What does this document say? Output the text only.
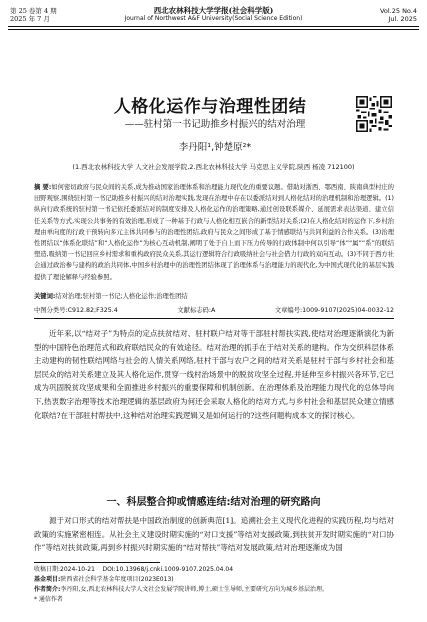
第 25 卷第 4 期
2025 年 7 月
西北农林科技大学学报(社会科学版)
Journal of Northwest A&F University(Social Science Edition)
Vol.25 No.4
Jul. 2025
人格化运作与治理性团结
——驻村第一书记助推乡村振兴的结对治理
李丹阳¹,钟楚原²*
(1.西北农林科技大学 人文社会发展学院,2.西北农林科技大学 马克思主义学院,陕西 杨凌 712100)
摘 要:如何密切政府与民众间的关系,成为推动国家治理体系和治理能力现代化的重要议题。借助对浙西、鄂西南、陕南典型村庄的田野观察,围绕驻村第一书记助推乡村振兴的结对治理实践,发现在治理中存在以委派结对到人格化结对的治理机制和治理逻辑。(1)纵向行政系统的驻村第一书记依托委派结对的制度安排及人格化运作的治理策略,通过创设联系媒介、延展需求表达渠道、建立信任关系等方式,实现公共事务的有效治理,形成了一种基于行政与人格化相互嵌合的新型结对关系;(2)在人格化结对的运作下,乡村治理由单向度的行政干预转向多元主体共同参与的治理性团结,政府与民众之间形成了基于情感联结与共同利益的合作关系。(3)治理性团结以“体系化联结”和“人格化运作”为核心互动机制,阐明了处于自上而下压力传导的行政体制中何以引导“体”“属”“系”的联结塑造,吸纳第一书记回应乡村需求和重构政府民众关系,其运行逻辑符合行政吸纳社会与社会借力行政的双向互动。(3)不同于西方社会通过政治参与建构的政治共同体,中国乡村治理中的治理性团结体现了治理体系与治理能力的现代化,为中国式现代化的基层实践提供了理论解释与经验参照。
关键词:结对治理;驻村第一书记;人格化运作;治理性团结
中图分类号:C912.82;F325.4	文献标志码:A	文章编号:1009-9107(2025)04-0032-12
近年来,以“结对子”为特点的定点扶贫结对、驻村联户结对等干部驻村帮扶实践,使结对治理逐渐演化为新型的中国特色治理范式和政府联结民众的有效途径。结对治理的抓手在于结对关系的建构。作为交织科层体系主动建构的韧性联结网络与社会的人情关系网络,驻村干部与农户之间的结对关系是驻村干部与乡村社会和基层民众的结对关系建立及其人格化运作,贯穿一线村治场景中的脱贫攻坚全过程,并延伸至乡村振兴各环节,它已成为巩固脱贫攻坚成果和全面推进乡村振兴的重要保障和机制创新。在治理体系及治理能力现代化的总体导向下,热衷数字治理等技术治理逻辑的基层政府为何还会采取人格化的结对方式,与乡村社会和基层民众建立情感化联结?在干部驻村帮扶中,这种结对治理实践逻辑又是如何运行的?这些问题构成本文的探讨核心。
一、科层整合抑或情感连结:结对治理的研究路向
源于对口形式的结对帮扶是中国政治制度的创新典范[1]。追溯社会主义现代化进程的实践历程,均与结对政策的实施紧密相连。从社会主义建设时期实施的“对口支援”等结对支援政策,到扶贫开发时期实施的“对口协作”等结对扶贫政策,再到乡村振兴时期实施的“结对帮扶”等结对发展政策,结对治理逐渐成为国
收稿日期:2024-10-21 DOI:10.13968/j.cnki.1009-9107.2025.04.04
基金项目:陕西省社会科学基金年度项目(2023E013)
作者简介:李丹阳,女,西北农林科技大学人文社会发展学院讲师,博士,硕士生导师,主要研究方向为城乡基层治理。
* 通信作者
